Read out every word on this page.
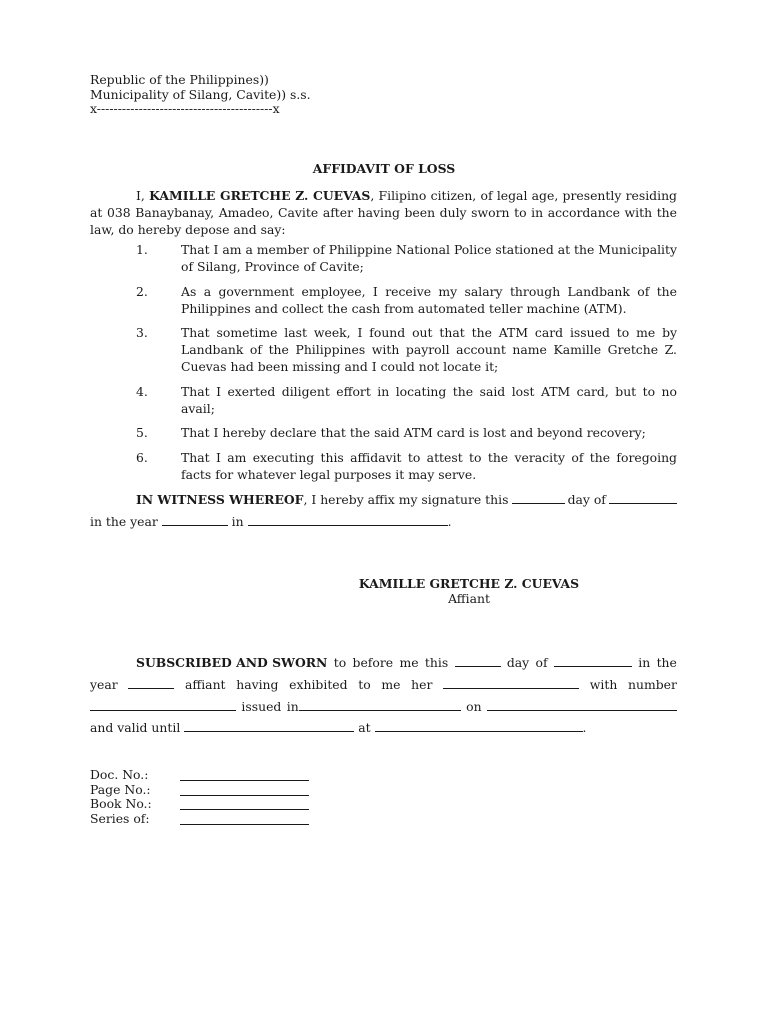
Republic of the Philippines))
Municipality of Silang, Cavite)) s.s.
x------------------------------------------x
AFFIDAVIT OF LOSS
I, KAMILLE GRETCHE Z. CUEVAS, Filipino citizen, of legal age, presently residing at 038 Banaybanay, Amadeo, Cavite after having been duly sworn to in accordance with the law, do hereby depose and say:
1.	That I am a member of Philippine National Police stationed at the Municipality of Silang, Province of Cavite;
2.	As a government employee, I receive my salary through Landbank of the Philippines and collect the cash from automated teller machine (ATM).
3.	That sometime last week, I found out that the ATM card issued to me by Landbank of the Philippines with payroll account name Kamille Gretche Z. Cuevas had been missing and I could not locate it;
4.	That I exerted diligent effort in locating the said lost ATM card, but to no avail;
5.	That I hereby declare that the said ATM card is lost and beyond recovery;
6.	That I am executing this affidavit to attest to the veracity of the foregoing facts for whatever legal purposes it may serve.
IN WITNESS WHEREOF, I hereby affix my signature this	day of
in the year	in	.
KAMILLE GRETCHE Z. CUEVAS
Affiant
SUBSCRIBED AND SWORN to before me this	day of	in the
year	affiant having exhibited to me her	with number
issued in	on
and valid until	at	.
Doc. No.:
Page No.:
Book No.:
Series of:
